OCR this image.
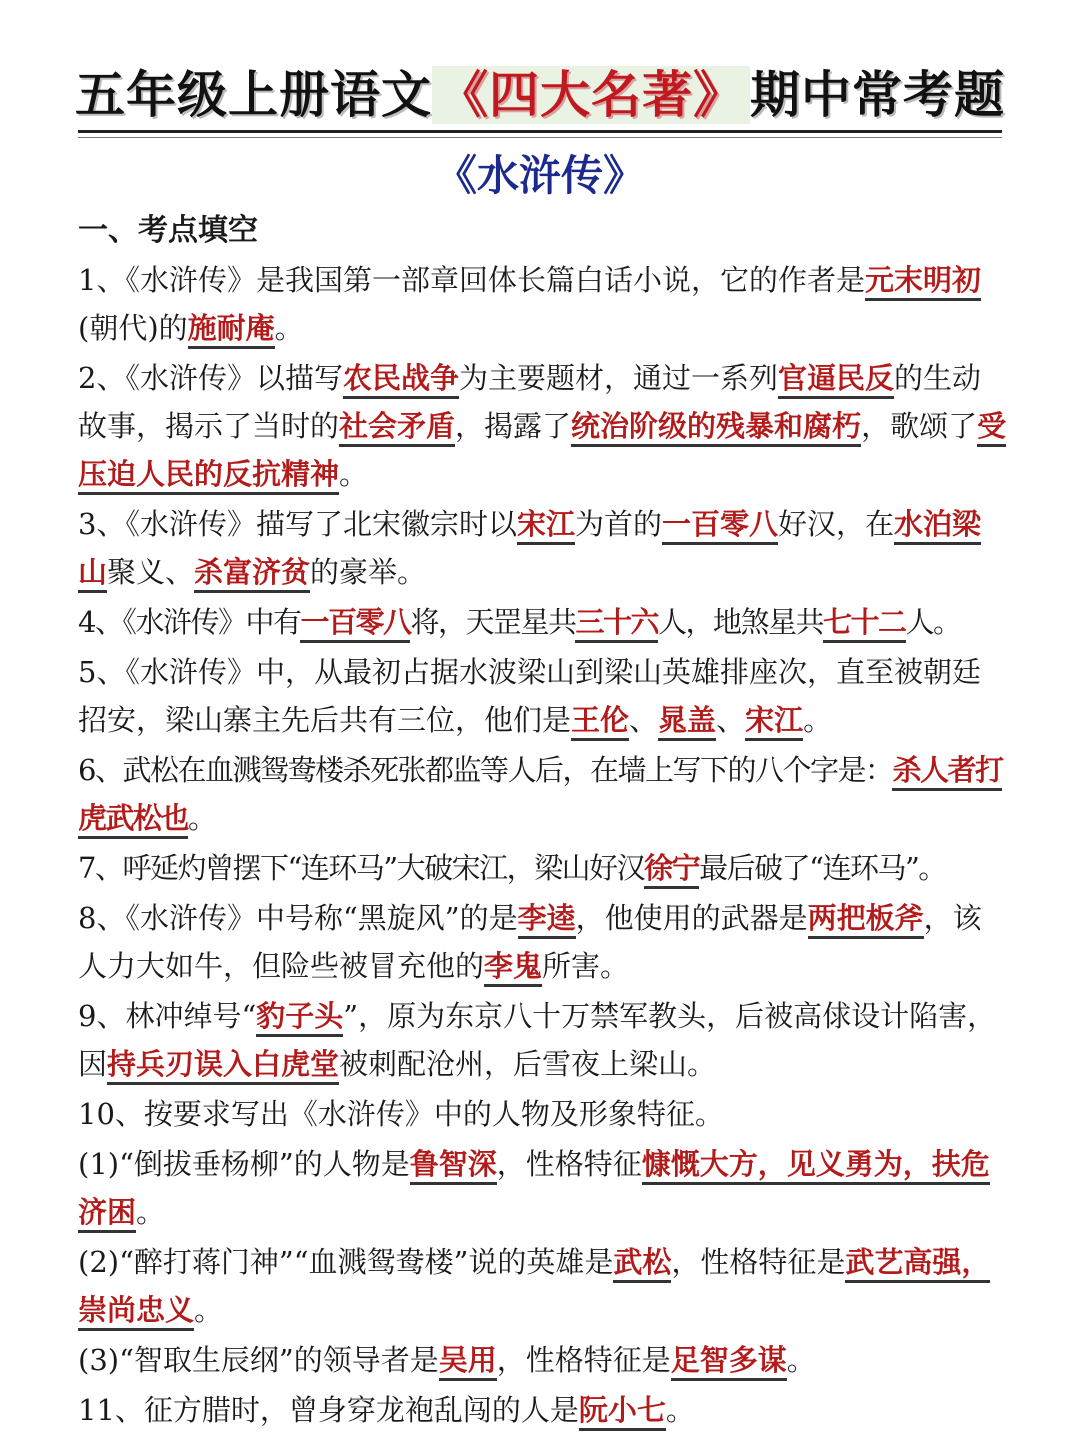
五年级上册语文 《四大名著》 期中常考题
《水浒传》
一、考点填空
1、《水浒传》是我国第一部章回体长篇白话小说，它的作者是元末明初(朝代)的施耐庵。
2、《水浒传》以描写农民战争为主要题材，通过一系列官逼民反的生动故事，揭示了当时的社会矛盾，揭露了统治阶级的残暴和腐朽，歌颂了受压迫人民的反抗精神。
3、《水浒传》描写了北宋徽宗时以宋江为首的一百零八好汉，在水泊梁山聚义、杀富济贫的豪举。
4、《水浒传》中有一百零八将，天罡星共三十六人，地煞星共七十二人。
5、《水浒传》中，从最初占据水波梁山到梁山英雄排座次，直至被朝廷招安，梁山寨主先后共有三位，他们是王伦、晁盖、宋江。
6、武松在血溅鸳鸯楼杀死张都监等人后，在墙上写下的八个字是：杀人者打虎武松也。
7、呼延灼曾摆下“连环马”大破宋江，梁山好汉徐宁最后破了“连环马”。
8、《水浒传》中号称“黑旋风”的是李逵，他使用的武器是两把板斧，该人力大如牛，但险些被冒充他的李鬼所害。
9、林冲绰号“豹子头”，原为东京八十万禁军教头，后被高俅设计陷害，因持兵刃误入白虎堂被刺配沧州，后雪夜上梁山。
10、按要求写出《水浒传》中的人物及形象特征。
(1)“倒拔垂杨柳”的人物是鲁智深，性格特征慷慨大方，见义勇为，扶危济困。
(2)“醉打蒋门神”“血溅鸳鸯楼”说的英雄是武松，性格特征是武艺高强，崇尚忠义。
(3)“智取生辰纲”的领导者是吴用，性格特征是足智多谋。
11、征方腊时，曾身穿龙袍乱闯的人是阮小七。
